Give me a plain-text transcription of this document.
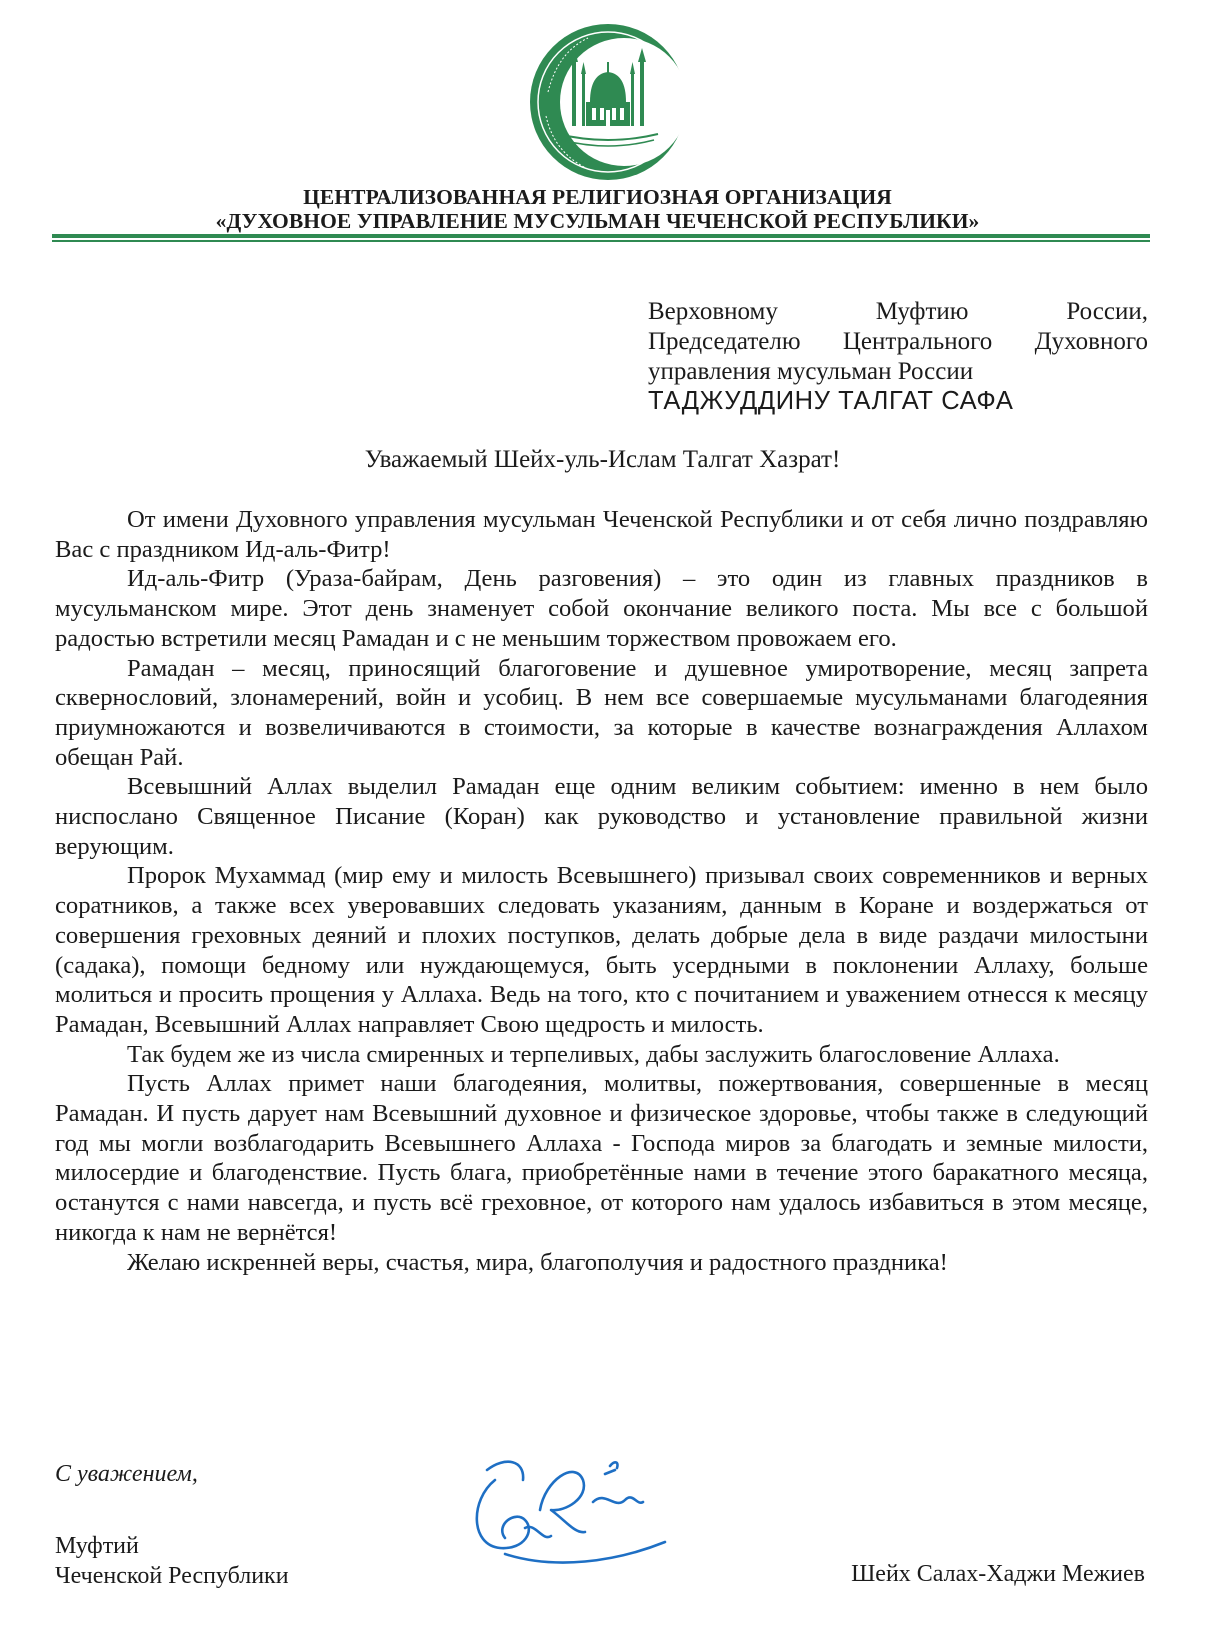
ЦЕНТРАЛИЗОВАННАЯ РЕЛИГИОЗНАЯ ОРГАНИЗАЦИЯ
«ДУХОВНОЕ УПРАВЛЕНИЕ МУСУЛЬМАН ЧЕЧЕНСКОЙ РЕСПУБЛИКИ»
Верховному Муфтию России,
Председателю Центрального Духовного
управления мусульман России
ТАДЖУДДИНУ ТАЛГАТ САФА
Уважаемый Шейх-уль-Ислам Талгат Хазрат!

От имени Духовного управления мусульман Чеченской Республики и от себя лично поздравляю Вас с праздником Ид-аль-Фитр!

Ид-аль-Фитр (Ураза-байрам, День разговения) – это один из главных праздников в мусульманском мире. Этот день знаменует собой окончание великого поста. Мы все с большой радостью встретили месяц Рамадан и с не меньшим торжеством провожаем его.

Рамадан – месяц, приносящий благоговение и душевное умиротворение, месяц запрета сквернословий, злонамерений, войн и усобиц. В нем все совершаемые мусульманами благодеяния приумножаются и возвеличиваются в стоимости, за которые в качестве вознаграждения Аллахом обещан Рай.

Всевышний Аллах выделил Рамадан еще одним великим событием: именно в нем было ниспослано Священное Писание (Коран) как руководство и установление правильной жизни верующим.

Пророк Мухаммад (мир ему и милость Всевышнего) призывал своих современников и верных соратников, а также всех уверовавших следовать указаниям, данным в Коране и воздержаться от совершения греховных деяний и плохих поступков, делать добрые дела в виде раздачи милостыни (садака), помощи бедному или нуждающемуся, быть усердными в поклонении Аллаху, больше молиться и просить прощения у Аллаха. Ведь на того, кто с почитанием и уважением отнесся к месяцу Рамадан, Всевышний Аллах направляет Свою щедрость и милость.

Так будем же из числа смиренных и терпеливых, дабы заслужить благословение Аллаха.

Пусть Аллах примет наши благодеяния, молитвы, пожертвования, совершенные в месяц Рамадан. И пусть дарует нам Всевышний духовное и физическое здоровье, чтобы также в следующий год мы могли возблагодарить Всевышнего Аллаха - Господа миров за благодать и земные милости, милосердие и благоденствие. Пусть блага, приобретённые нами в течение этого баракатного месяца, останутся с нами навсегда, и пусть всё греховное, от которого нам удалось избавиться в этом месяце, никогда к нам не вернётся!

Желаю искренней веры, счастья, мира, благополучия и радостного праздника!

С уважением,
Муфтий
Чеченской Республики	Шейх Салах-Хаджи Межиев
